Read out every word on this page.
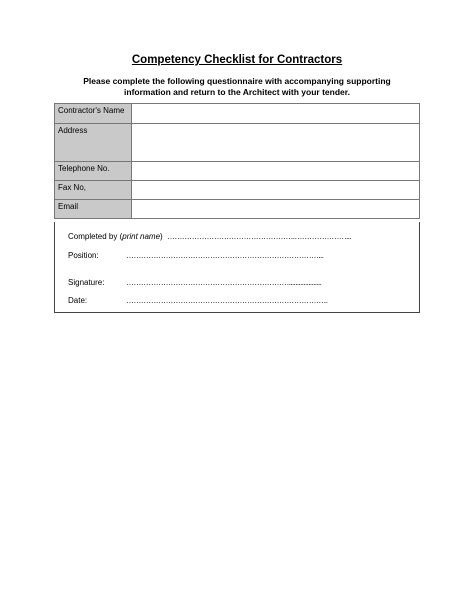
Competency Checklist for Contractors

Please complete the following questionnaire with accompanying supporting
information and return to the Architect with your tender.

Contractor's Name	
Address	
Telephone No.	
Fax No,	
Email	
Completed by (print name) …………………………………………….…………………...
Position:	……………………………………………………………………...
Signature:	…………………………………………………………....................
Date:	……………………………………………………………………….
